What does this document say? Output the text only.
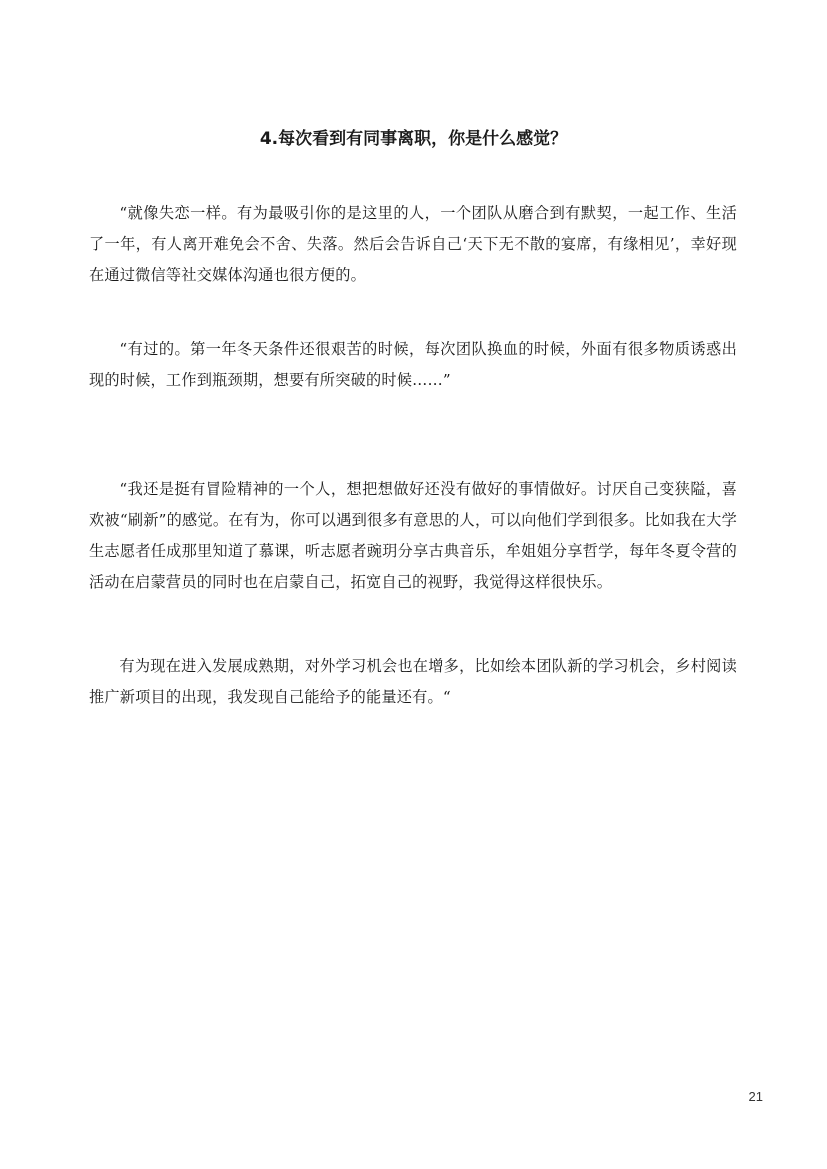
4.每次看到有同事离职，你是什么感觉？

“就像失恋一样。有为最吸引你的是这里的人，一个团队从磨合到有默契，一起工作、生活了一年，有人离开难免会不舍、失落。然后会告诉自己‘天下无不散的宴席，有缘相见’，幸好现在通过微信等社交媒体沟通也很方便的。

“有过的。第一年冬天条件还很艰苦的时候，每次团队换血的时候，外面有很多物质诱惑出现的时候，工作到瓶颈期，想要有所突破的时候……”

“我还是挺有冒险精神的一个人，想把想做好还没有做好的事情做好。讨厌自己变狭隘，喜欢被“刷新”的感觉。在有为，你可以遇到很多有意思的人，可以向他们学到很多。比如我在大学生志愿者任成那里知道了慕课，听志愿者豌玥分享古典音乐，牟姐姐分享哲学，每年冬夏令营的活动在启蒙营员的同时也在启蒙自己，拓宽自己的视野，我觉得这样很快乐。

有为现在进入发展成熟期，对外学习机会也在增多，比如绘本团队新的学习机会，乡村阅读推广新项目的出现，我发现自己能给予的能量还有。“

21
